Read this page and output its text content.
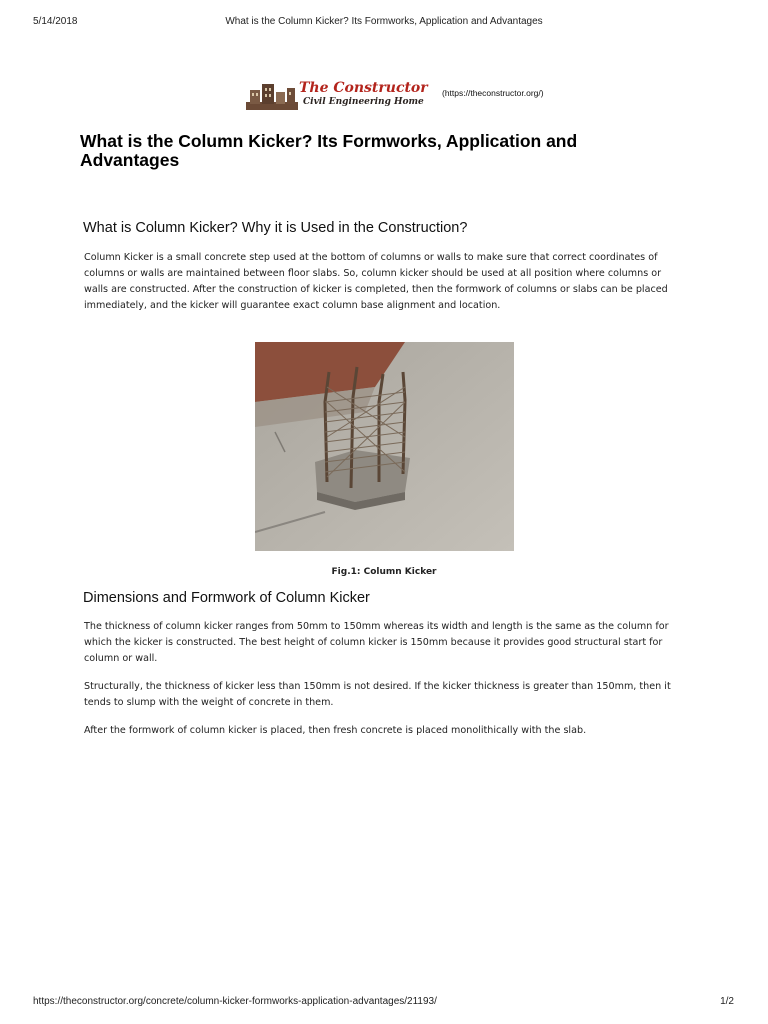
5/14/2018	What is the Column Kicker? Its Formworks, Application and Advantages
The Constructor
Civil Engineering Home
(https://theconstructor.org/)
What is the Column Kicker? Its Formworks, Application and Advantages
What is Column Kicker? Why it is Used in the Construction?

Column Kicker is a small concrete step used at the bottom of columns or walls to make sure that correct coordinates of columns or walls are maintained between floor slabs. So, column kicker should be used at all position where columns or walls are constructed. After the construction of kicker is completed, then the formwork of columns or slabs can be placed immediately, and the kicker will guarantee exact column base alignment and location.

Fig.1: Column Kicker
Dimensions and Formwork of Column Kicker

The thickness of column kicker ranges from 50mm to 150mm whereas its width and length is the same as the column for which the kicker is constructed. The best height of column kicker is 150mm because it provides good structural start for column or wall.

Structurally, the thickness of kicker less than 150mm is not desired. If the kicker thickness is greater than 150mm, then it tends to slump with the weight of concrete in them.

After the formwork of column kicker is placed, then fresh concrete is placed monolithically with the slab.

https://theconstructor.org/concrete/column-kicker-formworks-application-advantages/21193/	1/2
